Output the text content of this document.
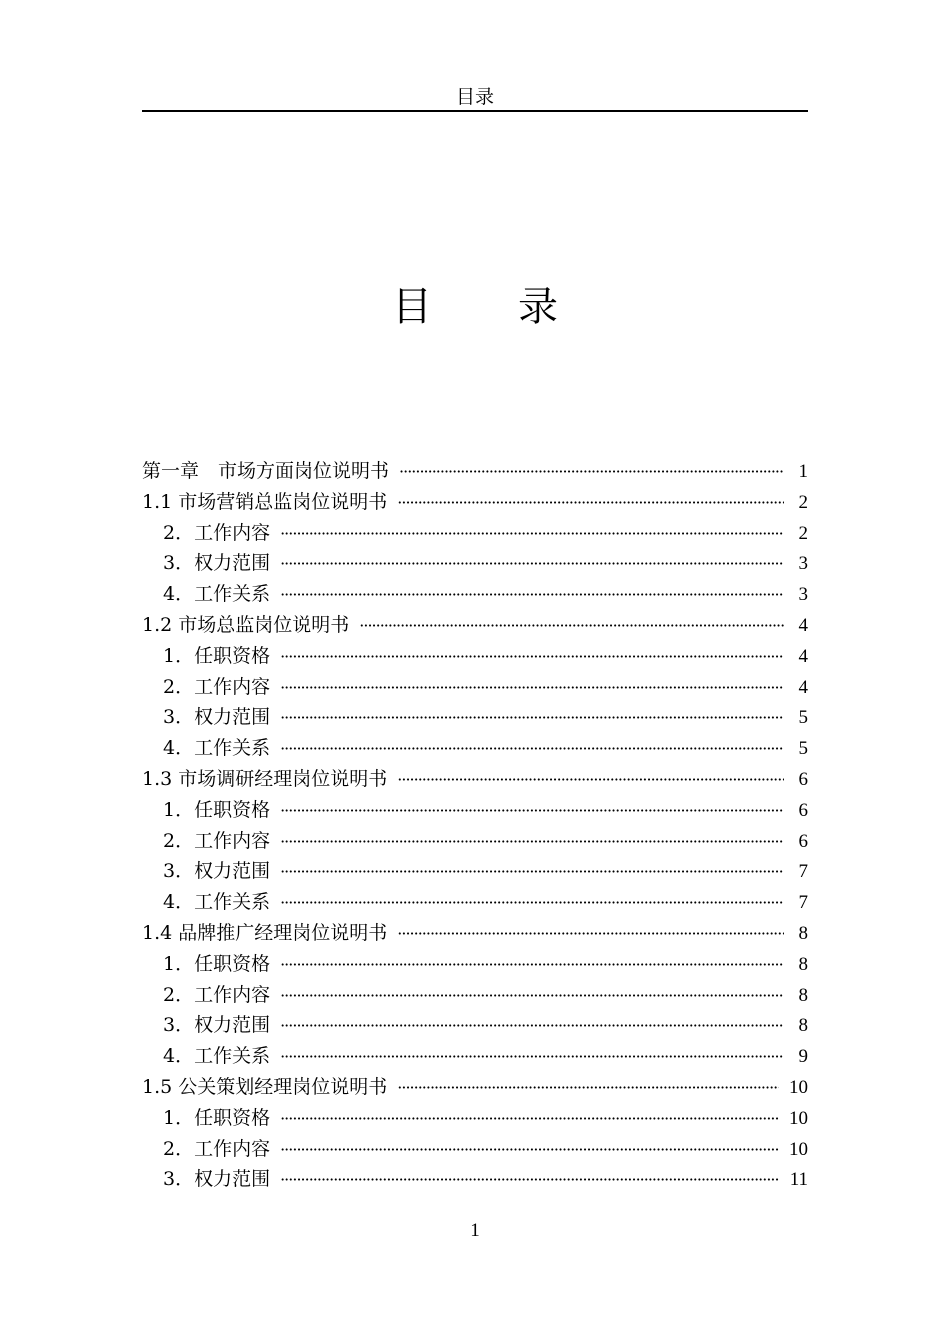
目录
目 录
第一章　市场方面岗位说明书 ·····	1
1.1 市场营销总监岗位说明书 ·····	2
2．工作内容 ·····	2
3．权力范围 ·····	3
4．工作关系 ·····	3
1.2 市场总监岗位说明书 ·····	4
1．任职资格 ·····	4
2．工作内容 ·····	4
3．权力范围 ·····	5
4．工作关系 ·····	5
1.3 市场调研经理岗位说明书 ·····	6
1．任职资格 ·····	6
2．工作内容 ·····	6
3．权力范围 ·····	7
4．工作关系 ·····	7
1.4 品牌推广经理岗位说明书 ·····	8
1．任职资格 ·····	8
2．工作内容 ·····	8
3．权力范围 ·····	8
4．工作关系 ·····	9
1.5 公关策划经理岗位说明书 ·····	10
1．任职资格 ·····	10
2．工作内容 ·····	10
3．权力范围 ·····	11
1
